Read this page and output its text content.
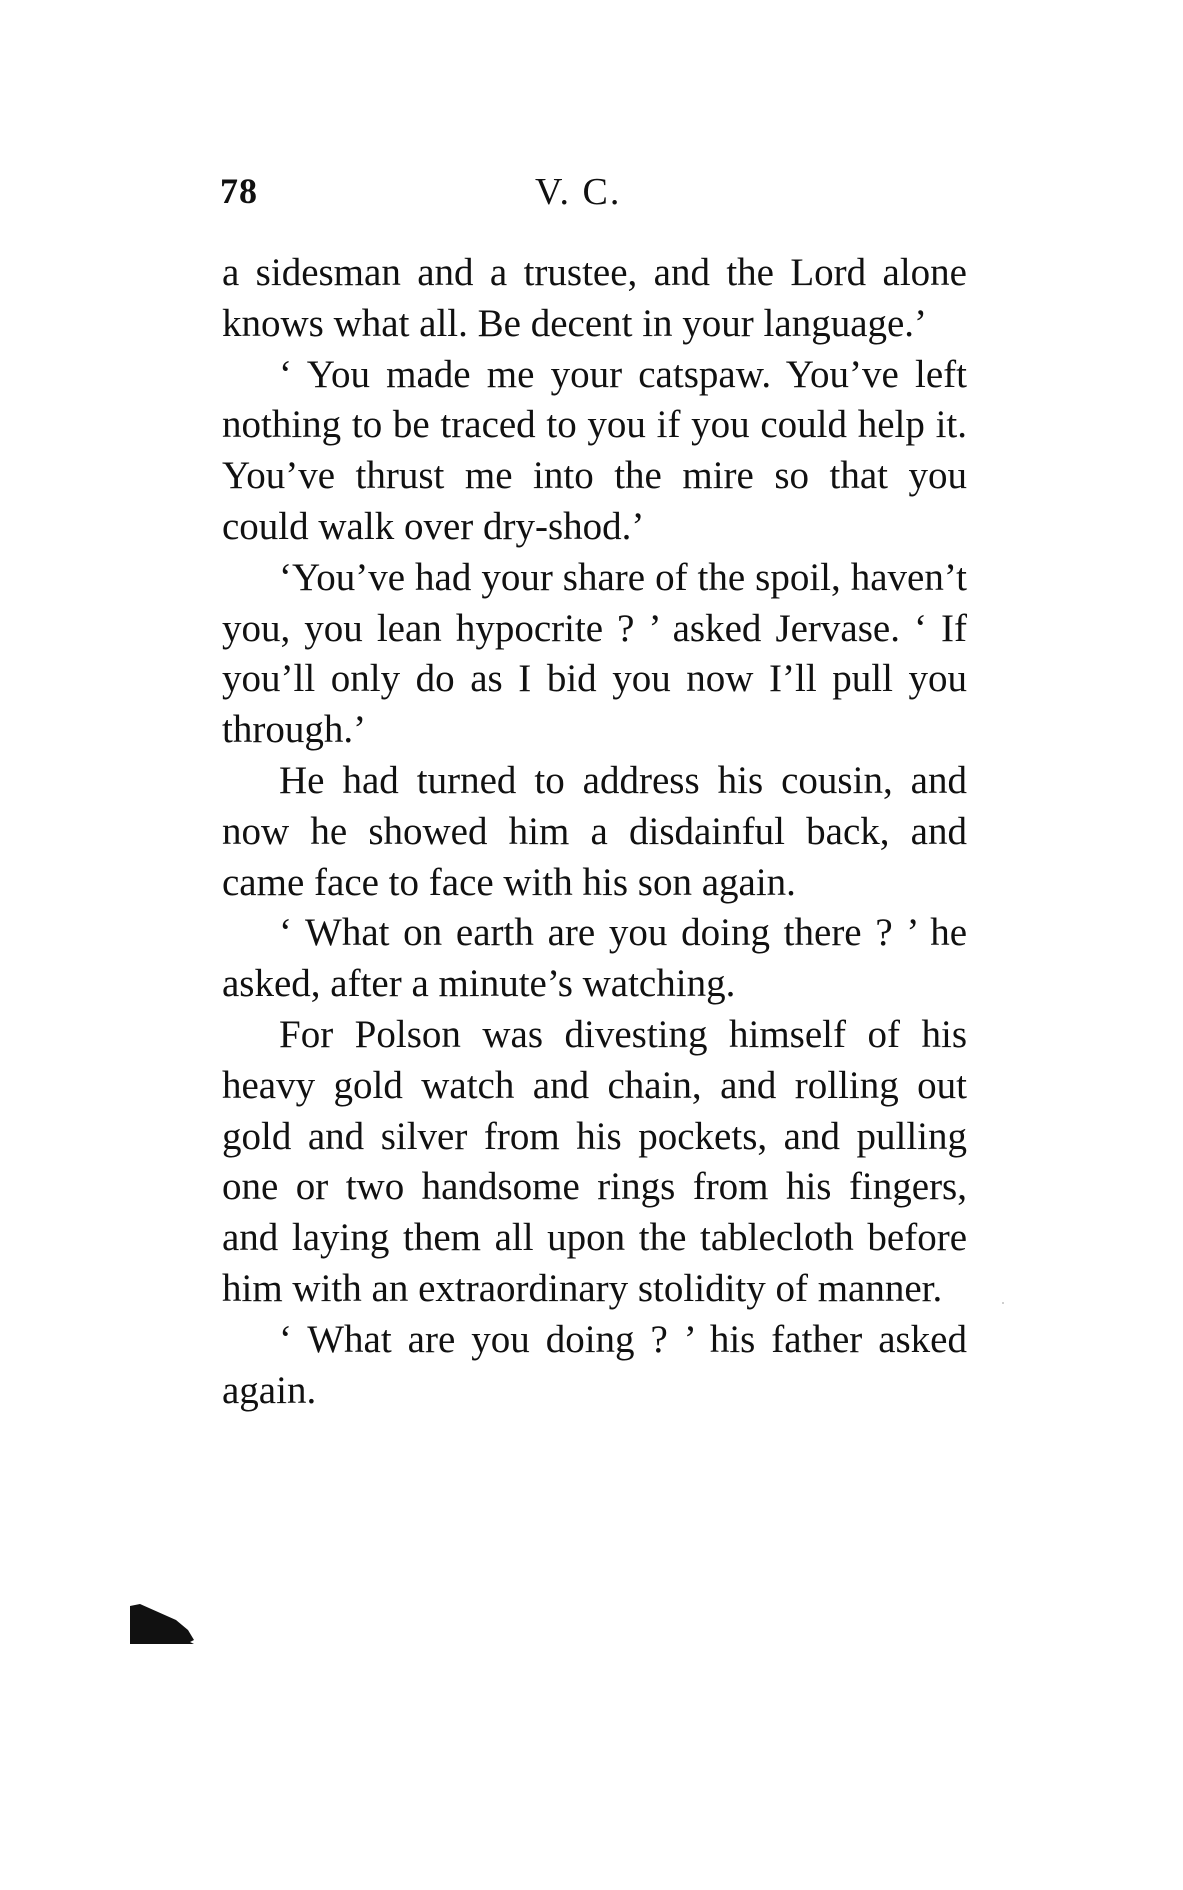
78	V. C.

a sidesman and a trustee, and the Lord alone knows what all. Be decent in your language.’

‘ You made me your catspaw. You’ve left nothing to be traced to you if you could help it. You’ve thrust me into the mire so that you could walk over dry-shod.’

‘You’ve had your share of the spoil, haven’t you, you lean hypocrite ? ’ asked Jervase. ‘ If you’ll only do as I bid you now I’ll pull you through.’

He had turned to address his cousin, and now he showed him a disdainful back, and came face to face with his son again.

‘ What on earth are you doing there ? ’ he asked, after a minute’s watching.

For Polson was divesting himself of his heavy gold watch and chain, and rolling out gold and silver from his pockets, and pulling one or two handsome rings from his fingers, and laying them all upon the tablecloth before him with an extraordinary stolidity of manner.

‘ What are you doing ? ’ his father asked again.
